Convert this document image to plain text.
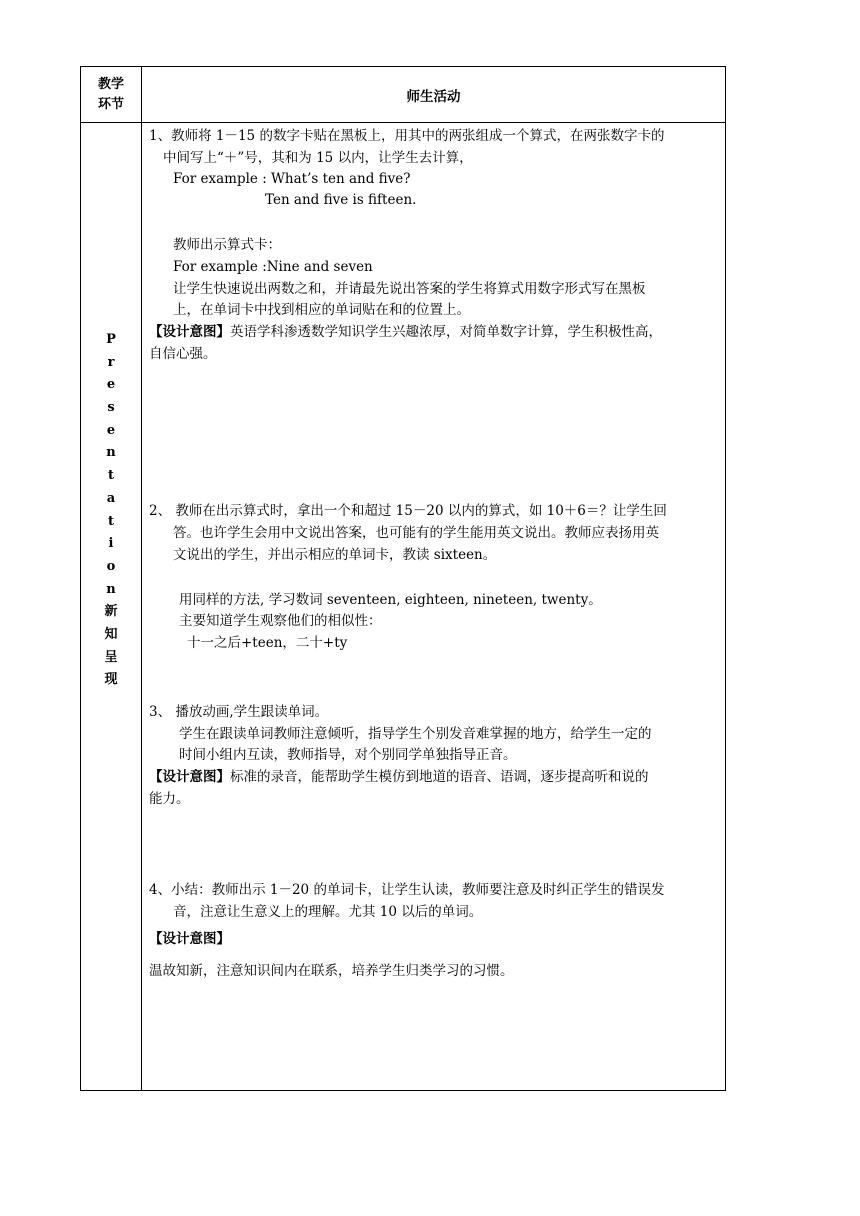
教学
环节	师生活动
P
r
e
s
e
n
t
a
t
i
o
n
新
知
呈
现
1、教师将 1－15 的数字卡贴在黑板上，用其中的两张组成一个算式，在两张数字卡的
中间写上“＋”号，其和为 15 以内，让学生去计算，
For example : What’s ten and five?
Ten and five is fifteen.
教师出示算式卡：
For example :Nine and seven
让学生快速说出两数之和，并请最先说出答案的学生将算式用数字形式写在黑板
上，在单词卡中找到相应的单词贴在和的位置上。
【设计意图】英语学科渗透数学知识学生兴趣浓厚，对简单数字计算，学生积极性高，
自信心强。
2、 教师在出示算式时，拿出一个和超过 15－20 以内的算式，如 10＋6＝？让学生回
答。也许学生会用中文说出答案，也可能有的学生能用英文说出。教师应表扬用英
文说出的学生，并出示相应的单词卡，教读 sixteen。
用同样的方法, 学习数词 seventeen, eighteen, nineteen, twenty。
主要知道学生观察他们的相似性：
十一之后+teen，二十+ty
3、 播放动画,学生跟读单词。
学生在跟读单词教师注意倾听，指导学生个别发音难掌握的地方，给学生一定的
时间小组内互读，教师指导，对个别同学单独指导正音。
【设计意图】标准的录音，能帮助学生模仿到地道的语音、语调，逐步提高听和说的
能力。
4、小结：教师出示 1－20 的单词卡，让学生认读，教师要注意及时纠正学生的错误发
音，注意让生意义上的理解。尤其 10 以后的单词。
【设计意图】
温故知新，注意知识间内在联系，培养学生归类学习的习惯。
